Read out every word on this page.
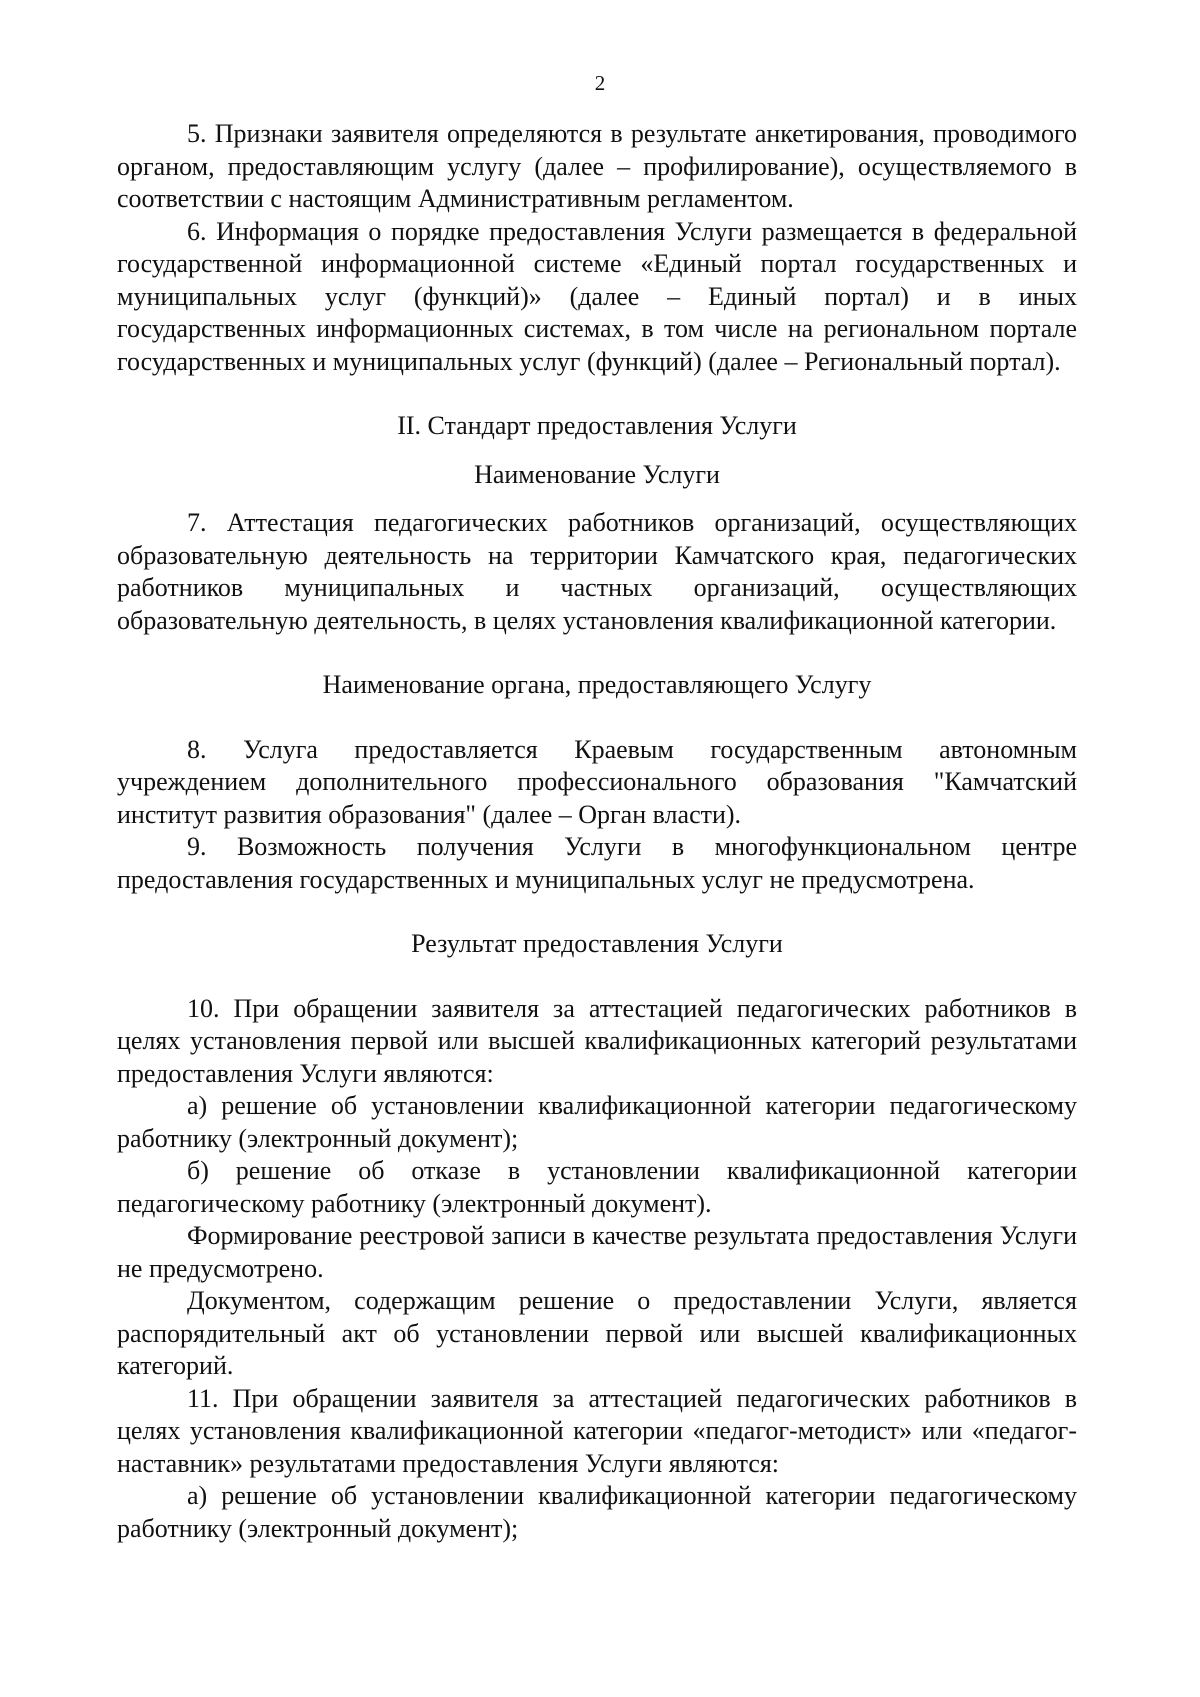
2

5. Признаки заявителя определяются в результате анкетирования, проводимого органом, предоставляющим услугу (далее – профилирование), осуществляемого в соответствии с настоящим Административным регламентом.

6. Информация о порядке предоставления Услуги размещается в федеральной государственной информационной системе «Единый портал государственных и муниципальных услуг (функций)» (далее – Единый портал) и в иных государственных информационных системах, в том числе на региональном портале государственных и муниципальных услуг (функций) (далее – Региональный портал).

II. Стандарт предоставления Услуги

Наименование Услуги

7. Аттестация педагогических работников организаций, осуществляющих образовательную деятельность на территории Камчатского края, педагогических работников муниципальных и частных организаций, осуществляющих образовательную деятельность, в целях установления квалификационной категории.

Наименование органа, предоставляющего Услугу

8. Услуга предоставляется Краевым государственным автономным учреждением дополнительного профессионального образования "Камчатский институт развития образования" (далее – Орган власти).

9. Возможность получения Услуги в многофункциональном центре предоставления государственных и муниципальных услуг не предусмотрена.

Результат предоставления Услуги

10. При обращении заявителя за аттестацией педагогических работников в целях установления первой или высшей квалификационных категорий результатами предоставления Услуги являются:

а) решение об установлении квалификационной категории педагогическому работнику (электронный документ);

б) решение об отказе в установлении квалификационной категории педагогическому работнику (электронный документ).

Формирование реестровой записи в качестве результата предоставления Услуги не предусмотрено.

Документом, содержащим решение о предоставлении Услуги, является распорядительный акт об установлении первой или высшей квалификационных категорий.

11. При обращении заявителя за аттестацией педагогических работников в целях установления квалификационной категории «педагог-методист» или «педагог-наставник» результатами предоставления Услуги являются:

а) решение об установлении квалификационной категории педагогическому работнику (электронный документ);
